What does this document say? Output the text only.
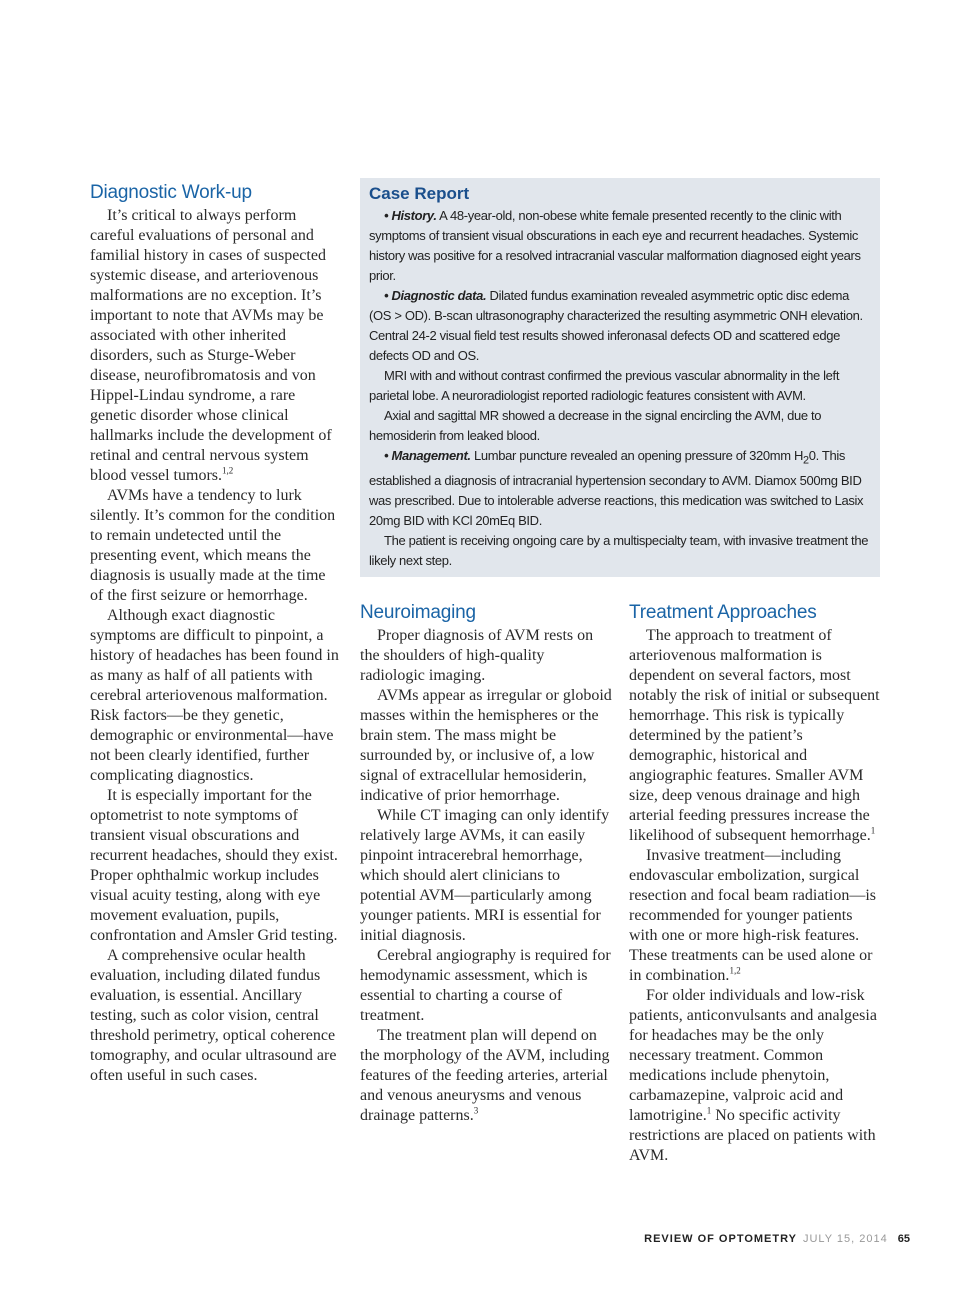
Diagnostic Work-up

It’s critical to always perform careful evaluations of personal and familial history in cases of suspected systemic disease, and arteriovenous malformations are no exception. It’s important to note that AVMs may be associated with other inherited disorders, such as Sturge-Weber disease, neurofibromatosis and von Hippel-Lindau syndrome, a rare genetic disorder whose clinical hallmarks include the development of retinal and central nervous system blood vessel tumors.$^{1,2}$

AVMs have a tendency to lurk silently. It’s common for the condition to remain undetected until the presenting event, which means the diagnosis is usually made at the time of the first seizure or hemorrhage.

Although exact diagnostic symptoms are difficult to pinpoint, a history of headaches has been found in as many as half of all patients with cerebral arteriovenous malformation. Risk factors—be they genetic, demographic or environmental—have not been clearly identified, further complicating diagnostics.

It is especially important for the optometrist to note symptoms of transient visual obscurations and recurrent headaches, should they exist. Proper ophthalmic workup includes visual acuity testing, along with eye movement evaluation, pupils, confrontation and Amsler Grid testing.

A comprehensive ocular health evaluation, including dilated fundus evaluation, is essential. Ancillary testing, such as color vision, central threshold perimetry, optical coherence tomography, and ocular ultrasound are often useful in such cases.

Case Report

• History. A 48-year-old, non-obese white female presented recently to the clinic with symptoms of transient visual obscurations in each eye and recurrent headaches. Systemic history was positive for a resolved intracranial vascular malformation diagnosed eight years prior.

• Diagnostic data. Dilated fundus examination revealed asymmetric optic disc edema (OS > OD). B-scan ultrasonography characterized the resulting asymmetric ONH elevation. Central 24-2 visual field test results showed inferonasal defects OD and scattered edge defects OD and OS.

MRI with and without contrast confirmed the previous vascular abnormality in the left parietal lobe. A neuroradiologist reported radiologic features consistent with AVM.

Axial and sagittal MR showed a decrease in the signal encircling the AVM, due to hemosiderin from leaked blood.

• Management. Lumbar puncture revealed an opening pressure of 320mm $H_20$. This established a diagnosis of intracranial hypertension secondary to AVM. Diamox 500mg BID was prescribed. Due to intolerable adverse reactions, this medication was switched to Lasix 20mg BID with KCl 20mEq BID.

The patient is receiving ongoing care by a multispecialty team, with invasive treatment the likely next step.

Neuroimaging

Proper diagnosis of AVM rests on the shoulders of high-quality radiologic imaging.

AVMs appear as irregular or globoid masses within the hemispheres or the brain stem. The mass might be surrounded by, or inclusive of, a low signal of extracellular hemosiderin, indicative of prior hemorrhage.

While CT imaging can only identify relatively large AVMs, it can easily pinpoint intracerebral hemorrhage, which should alert clinicians to potential AVM—particularly among younger patients. MRI is essential for initial diagnosis.

Cerebral angiography is required for hemodynamic assessment, which is essential to charting a course of treatment.

The treatment plan will depend on the morphology of the AVM, including features of the feeding arteries, arterial and venous aneurysms and venous drainage patterns.$^3$

Treatment Approaches

The approach to treatment of arteriovenous malformation is dependent on several factors, most notably the risk of initial or subsequent hemorrhage. This risk is typically determined by the patient’s demographic, historical and angiographic features. Smaller AVM size, deep venous drainage and high arterial feeding pressures increase the likelihood of subsequent hemorrhage.$^1$

Invasive treatment—including endovascular embolization, surgical resection and focal beam radiation—is recommended for younger patients with one or more high-risk features. These treatments can be used alone or in combination.$^{1,2}$

For older individuals and low-risk patients, anticonvulsants and analgesia for headaches may be the only necessary treatment. Common medications include phenytoin, carbamazepine, valproic acid and lamotrigine.$^1$ No specific activity restrictions are placed on patients with AVM.

REVIEW OF OPTOMETRY JULY 15, 2014 65
